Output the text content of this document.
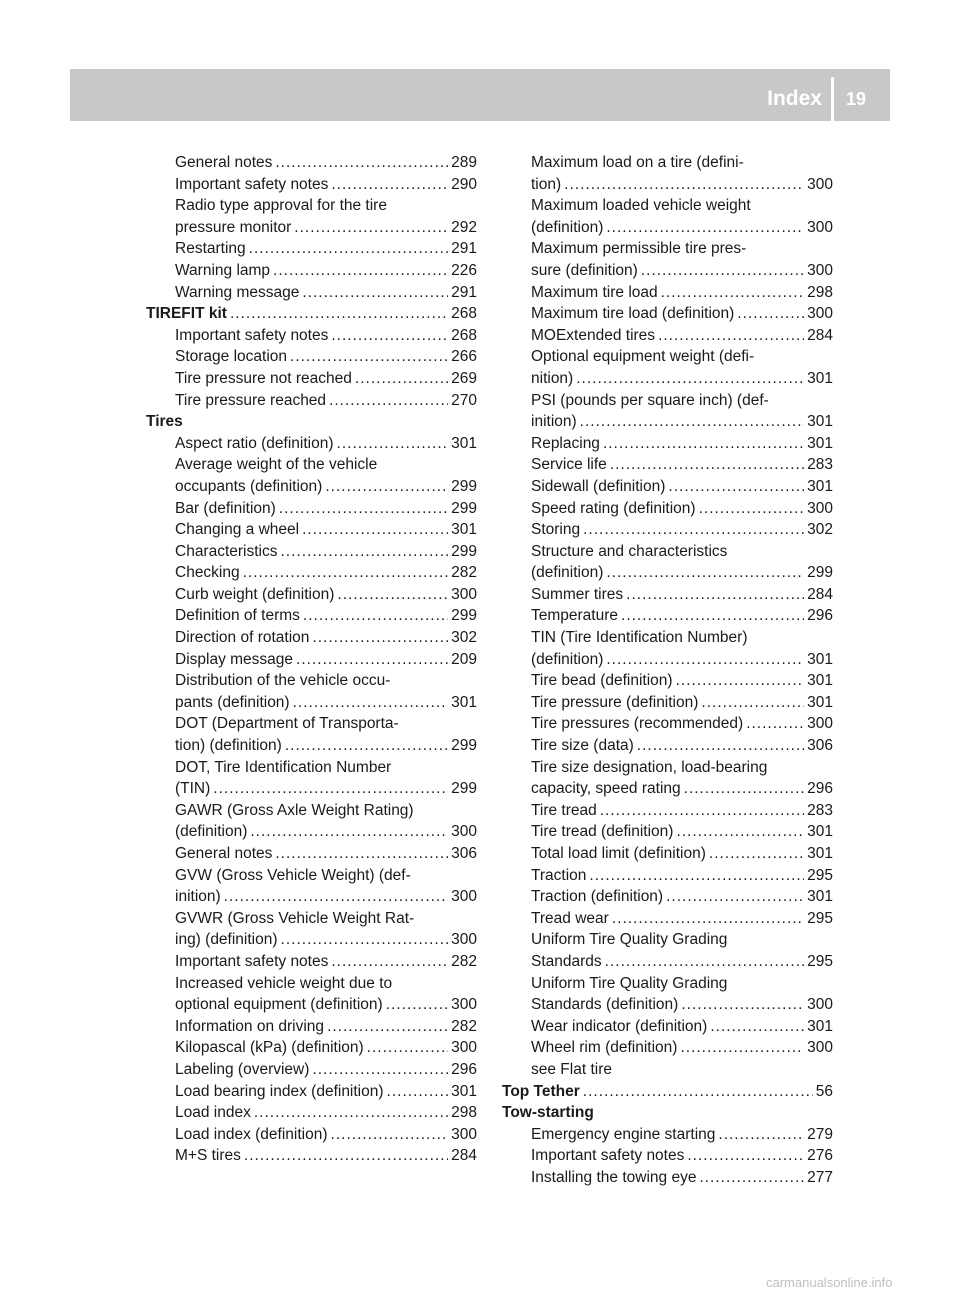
Index 19
General notes .....	289
Important safety notes .....	290
Radio type approval for the tire
pressure monitor .....	292
Restarting .....	291
Warning lamp .....	226
Warning message .....	291
TIREFIT kit .....	268
Important safety notes .....	268
Storage location .....	266
Tire pressure not reached .....	269
Tire pressure reached .....	270
Tires
Aspect ratio (definition) .....	301
Average weight of the vehicle
occupants (definition) .....	299
Bar (definition) .....	299
Changing a wheel .....	301
Characteristics .....	299
Checking .....	282
Curb weight (definition) .....	300
Definition of terms .....	299
Direction of rotation .....	302
Display message .....	209
Distribution of the vehicle occu-
pants (definition) .....	301
DOT (Department of Transporta-
tion) (definition) .....	299
DOT, Tire Identification Number
(TIN) .....	299
GAWR (Gross Axle Weight Rating)
(definition) .....	300
General notes .....	306
GVW (Gross Vehicle Weight) (def-
inition) .....	300
GVWR (Gross Vehicle Weight Rat-
ing) (definition) .....	300
Important safety notes .....	282
Increased vehicle weight due to
optional equipment (definition) .....	300
Information on driving .....	282
Kilopascal (kPa) (definition) .....	300
Labeling (overview) .....	296
Load bearing index (definition) .....	301
Load index .....	298
Load index (definition) .....	300
M+S tires .....	284
Maximum load on a tire (defini-
tion) .....	300
Maximum loaded vehicle weight
(definition) .....	300
Maximum permissible tire pres-
sure (definition) .....	300
Maximum tire load .....	298
Maximum tire load (definition) .....	300
MOExtended tires .....	284
Optional equipment weight (defi-
nition) .....	301
PSI (pounds per square inch) (def-
inition) .....	301
Replacing .....	301
Service life .....	283
Sidewall (definition) .....	301
Speed rating (definition) .....	300
Storing .....	302
Structure and characteristics
(definition) .....	299
Summer tires .....	284
Temperature .....	296
TIN (Tire Identification Number)
(definition) .....	301
Tire bead (definition) .....	301
Tire pressure (definition) .....	301
Tire pressures (recommended) .....	300
Tire size (data) .....	306
Tire size designation, load-bearing
capacity, speed rating .....	296
Tire tread .....	283
Tire tread (definition) .....	301
Total load limit (definition) .....	301
Traction .....	295
Traction (definition) .....	301
Tread wear .....	295
Uniform Tire Quality Grading
Standards .....	295
Uniform Tire Quality Grading
Standards (definition) .....	300
Wear indicator (definition) .....	301
Wheel rim (definition) .....	300
see Flat tire
Top Tether .....	56
Tow-starting
Emergency engine starting .....	279
Important safety notes .....	276
Installing the towing eye .....	277
carmanualsonline.info
